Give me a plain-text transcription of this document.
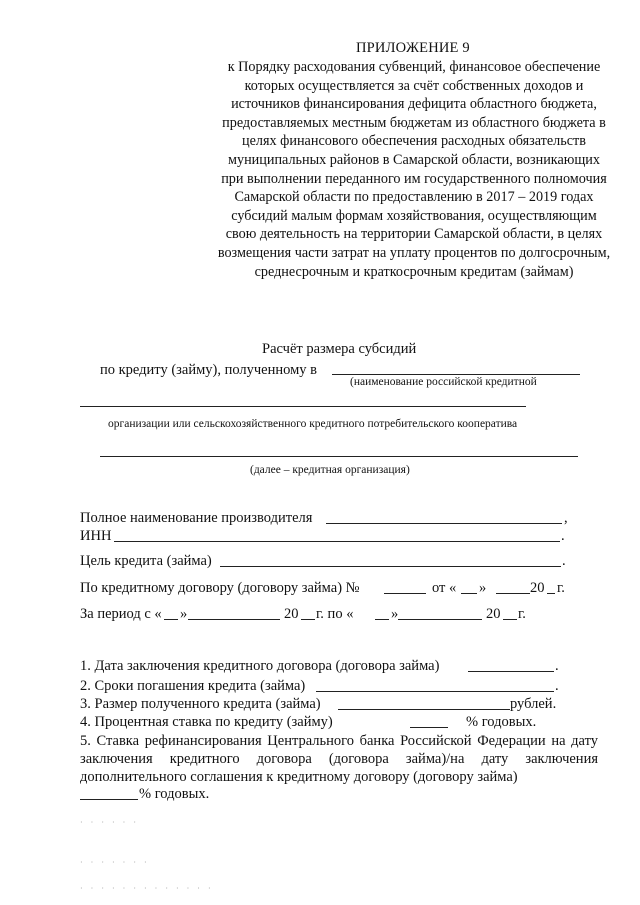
ПРИЛОЖЕНИЕ 9
к Порядку расходования субвенций, финансовое обеспечение которых осуществляется за счёт собственных доходов и источников финансирования дефицита областного бюджета, предоставляемых местным бюджетам из областного бюджета в целях финансового обеспечения расходных обязательств муниципальных районов в Самарской области, возникающих при выполнении переданного им государственного полномочия Самарской области по предоставлению в 2017 – 2019 годах субсидий малым формам хозяйствования, осуществляющим свою деятельность на территории Самарской области, в целях возмещения части затрат на уплату процентов по долгосрочным, среднесрочным и краткосрочным кредитам (займам)
Расчёт размера субсидий
по кредиту (займу), полученному в
(наименование российской кредитной
организации или сельскохозяйственного кредитного потребительского кооператива
(далее – кредитная организация)
Полное наименование производителя	,
ИНН	.
Цель кредита (займа)	.
По кредитному договору (договору займа) №	от « »	20 г.
За период с « »	20 г. по «	»	20 г.
1. Дата заключения кредитного договора (договора займа)	.
2. Сроки погашения кредита (займа)	.
3. Размер полученного кредита (займа)	рублей.
4. Процентная ставка по кредиту (займу)	% годовых.
5. Ставка рефинансирования Центрального банка Российской Федерации на дату заключения кредитного договора (договора займа)/на дату заключения дополнительного соглашения к кредитному договору (договору займа)
% годовых.
· · · · · ·
· · · · · · ·
· · · · · · · · · · · · ·
